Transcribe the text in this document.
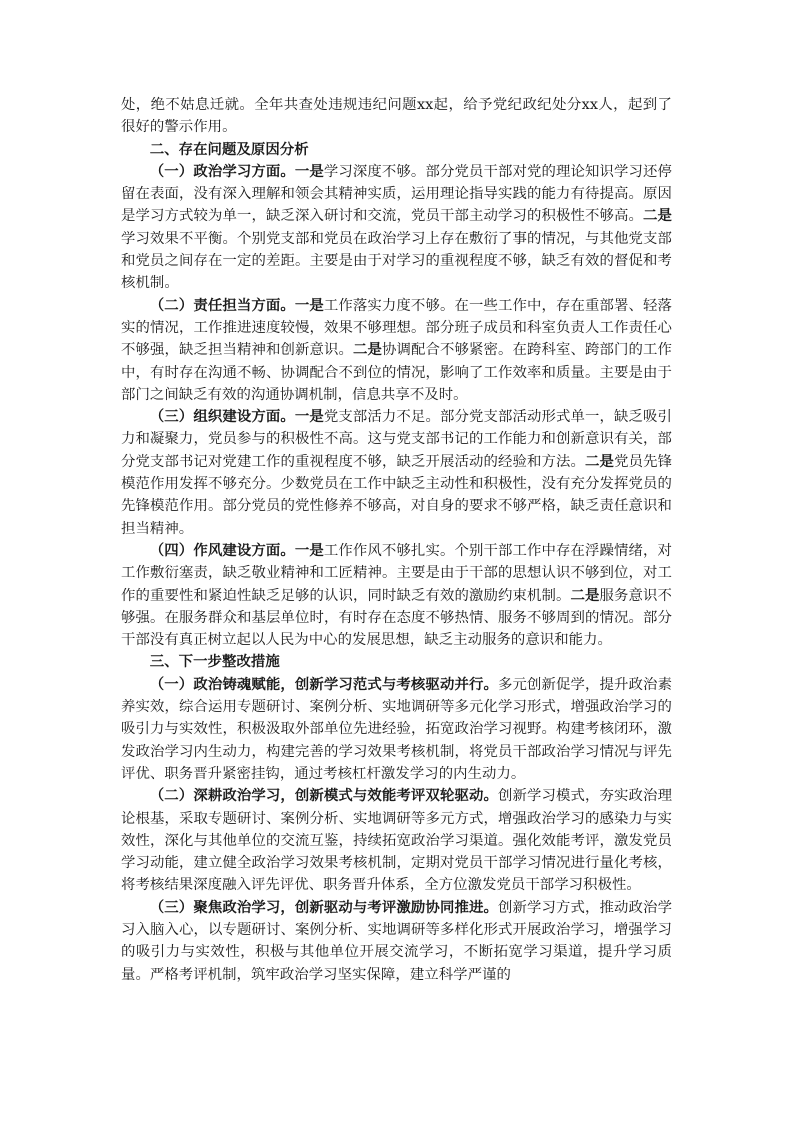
处，绝不姑息迁就。全年共查处违规违纪问题xx起，给予党纪政纪处分xx人，起到了很好的警示作用。

二、存在问题及原因分析

（一）政治学习方面。一是学习深度不够。部分党员干部对党的理论知识学习还停留在表面，没有深入理解和领会其精神实质，运用理论指导实践的能力有待提高。原因是学习方式较为单一，缺乏深入研讨和交流，党员干部主动学习的积极性不够高。二是学习效果不平衡。个别党支部和党员在政治学习上存在敷衍了事的情况，与其他党支部和党员之间存在一定的差距。主要是由于对学习的重视程度不够，缺乏有效的督促和考核机制。

（二）责任担当方面。一是工作落实力度不够。在一些工作中，存在重部署、轻落实的情况，工作推进速度较慢，效果不够理想。部分班子成员和科室负责人工作责任心不够强，缺乏担当精神和创新意识。二是协调配合不够紧密。在跨科室、跨部门的工作中，有时存在沟通不畅、协调配合不到位的情况，影响了工作效率和质量。主要是由于部门之间缺乏有效的沟通协调机制，信息共享不及时。

（三）组织建设方面。一是党支部活力不足。部分党支部活动形式单一，缺乏吸引力和凝聚力，党员参与的积极性不高。这与党支部书记的工作能力和创新意识有关，部分党支部书记对党建工作的重视程度不够，缺乏开展活动的经验和方法。二是党员先锋模范作用发挥不够充分。少数党员在工作中缺乏主动性和积极性，没有充分发挥党员的先锋模范作用。部分党员的党性修养不够高，对自身的要求不够严格，缺乏责任意识和担当精神。

（四）作风建设方面。一是工作作风不够扎实。个别干部工作中存在浮躁情绪，对工作敷衍塞责，缺乏敬业精神和工匠精神。主要是由于干部的思想认识不够到位，对工作的重要性和紧迫性缺乏足够的认识，同时缺乏有效的激励约束机制。二是服务意识不够强。在服务群众和基层单位时，有时存在态度不够热情、服务不够周到的情况。部分干部没有真正树立起以人民为中心的发展思想，缺乏主动服务的意识和能力。

三、下一步整改措施

（一）政治铸魂赋能，创新学习范式与考核驱动并行。多元创新促学，提升政治素养实效，综合运用专题研讨、案例分析、实地调研等多元化学习形式，增强政治学习的吸引力与实效性，积极汲取外部单位先进经验，拓宽政治学习视野。构建考核闭环，激发政治学习内生动力，构建完善的学习效果考核机制，将党员干部政治学习情况与评先评优、职务晋升紧密挂钩，通过考核杠杆激发学习的内生动力。

（二）深耕政治学习，创新模式与效能考评双轮驱动。创新学习模式，夯实政治理论根基，采取专题研讨、案例分析、实地调研等多元方式，增强政治学习的感染力与实效性，深化与其他单位的交流互鉴，持续拓宽政治学习渠道。强化效能考评，激发党员学习动能，建立健全政治学习效果考核机制，定期对党员干部学习情况进行量化考核，将考核结果深度融入评先评优、职务晋升体系，全方位激发党员干部学习积极性。

（三）聚焦政治学习，创新驱动与考评激励协同推进。创新学习方式，推动政治学习入脑入心，以专题研讨、案例分析、实地调研等多样化形式开展政治学习，增强学习的吸引力与实效性，积极与其他单位开展交流学习，不断拓宽学习渠道，提升学习质量。严格考评机制，筑牢政治学习坚实保障，建立科学严谨的
